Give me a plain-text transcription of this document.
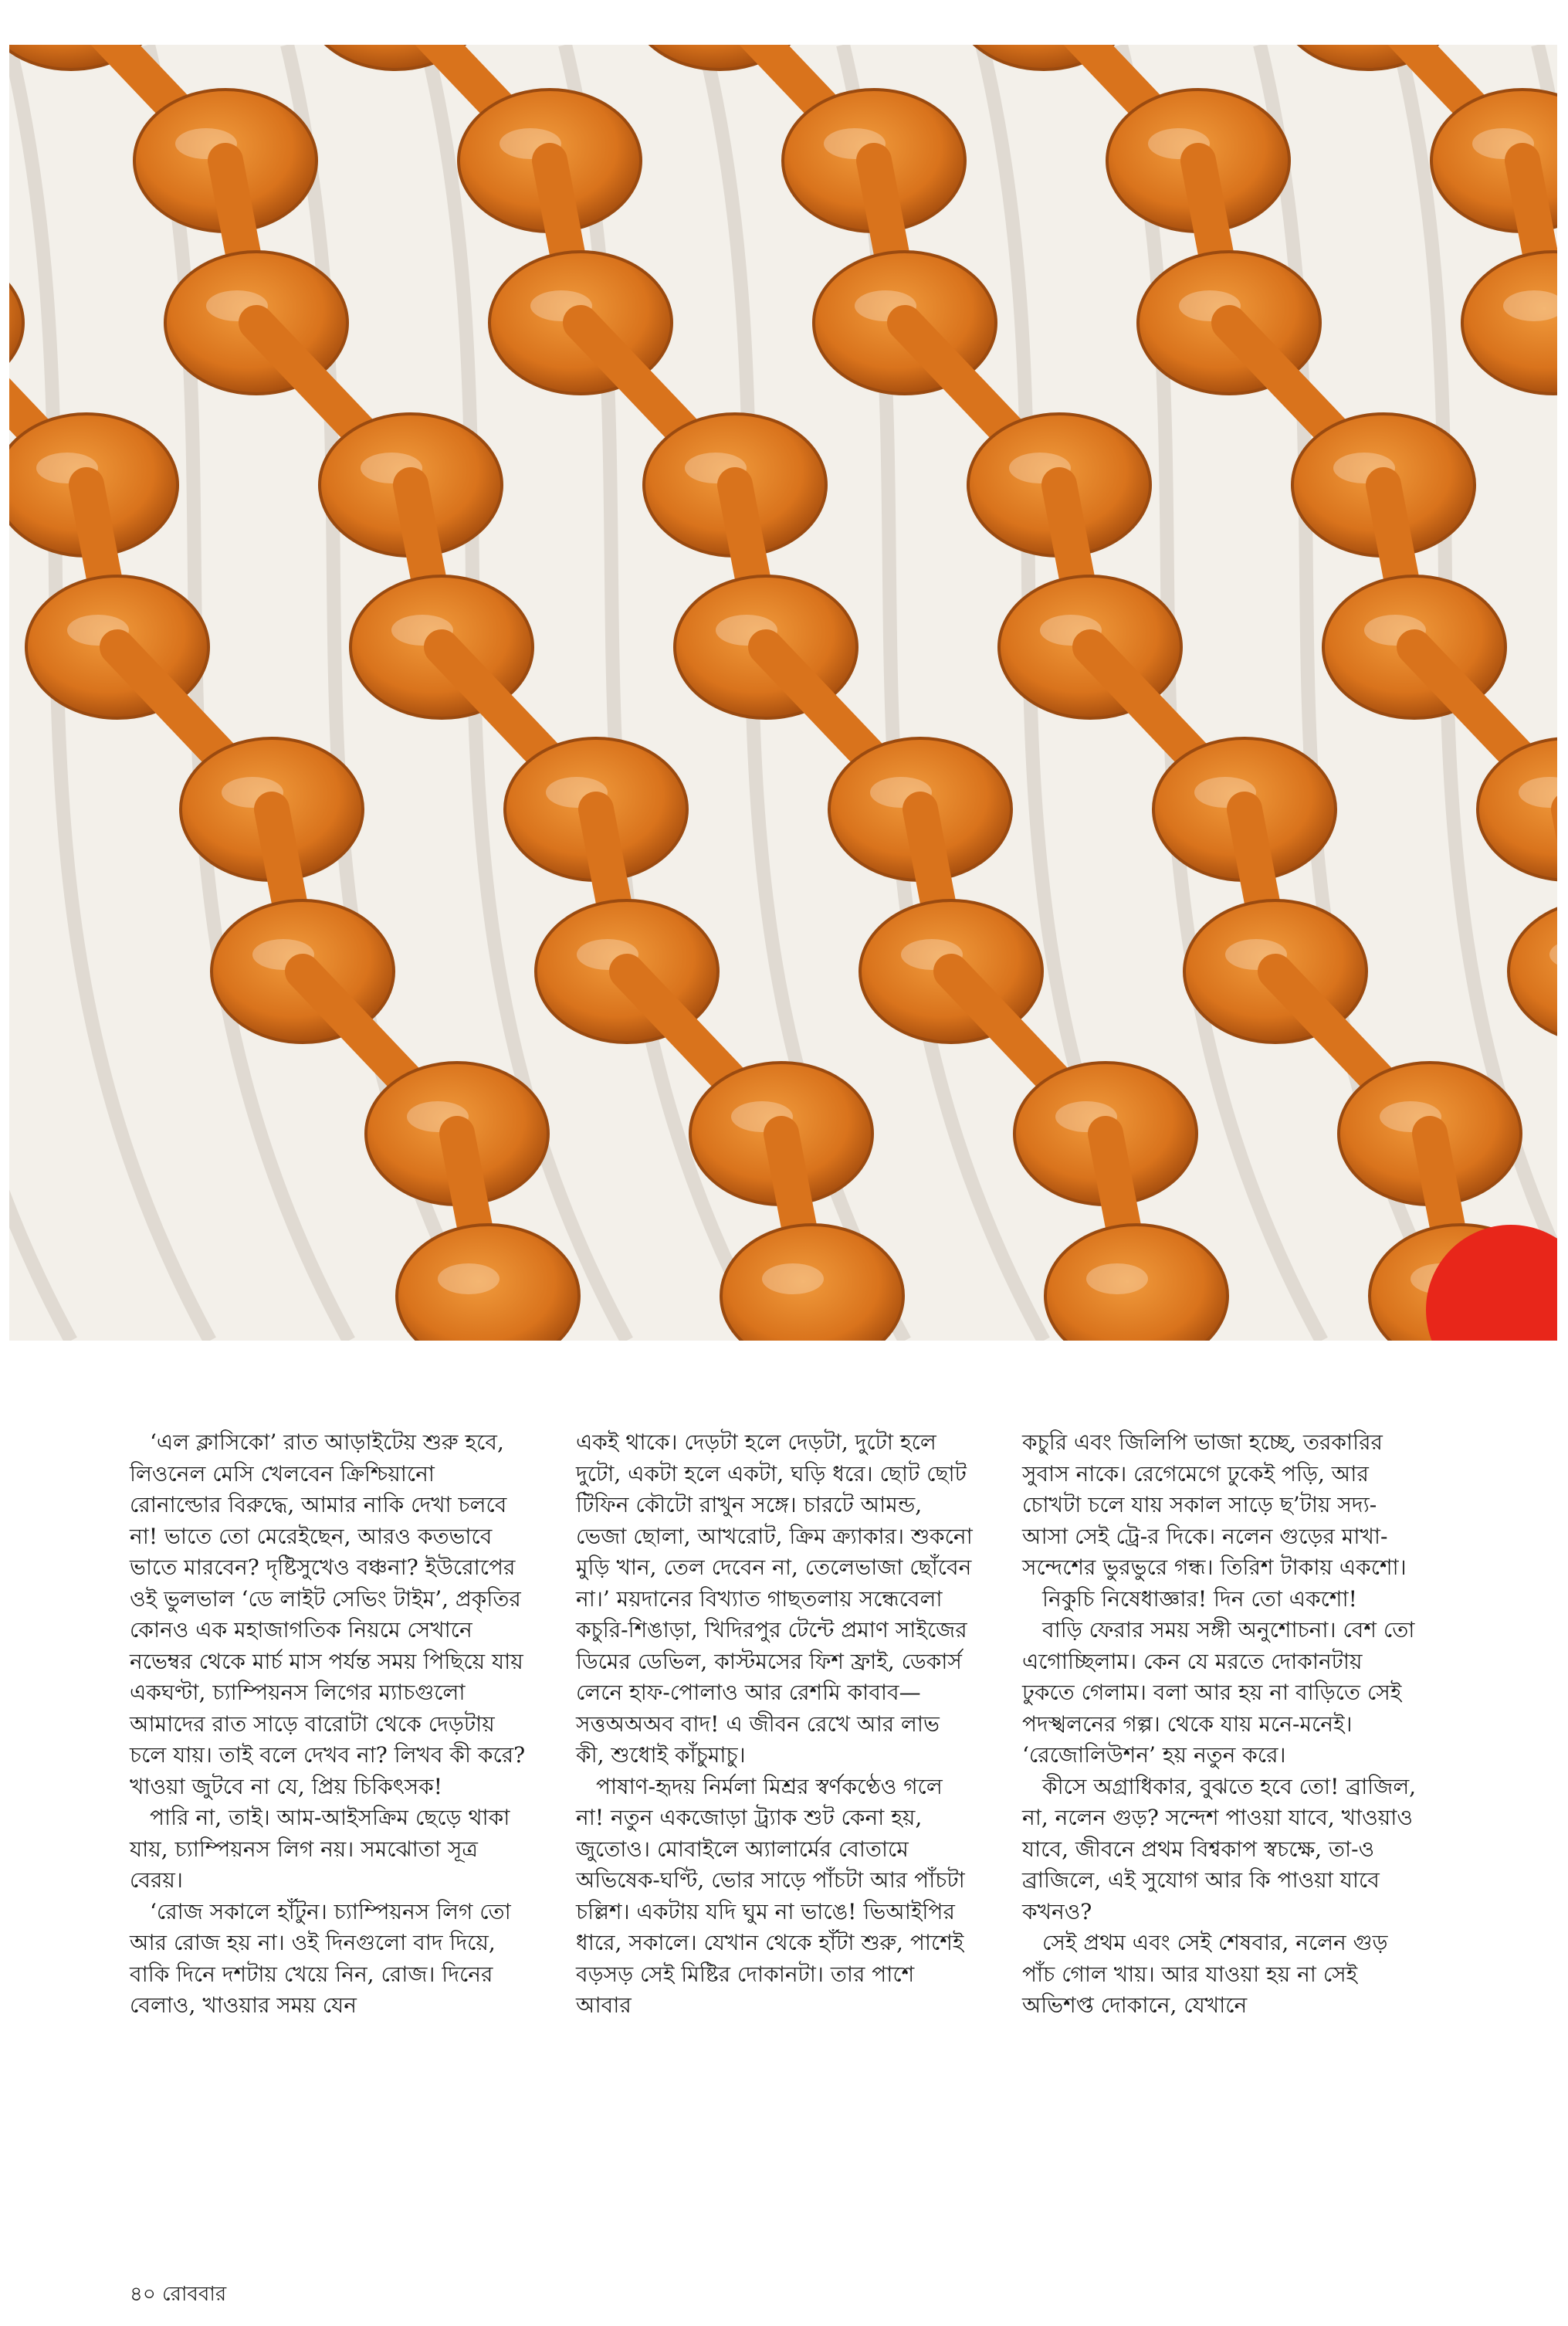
‘এল ক্লাসিকো’ রাত আড়াইটেয় শুরু হবে, লিওনেল মেসি খেলবেন ক্রিশ্চিয়ানো রোনাল্ডোর বিরুদ্ধে, আমার নাকি দেখা চলবে না! ভাতে তো মেরেইছেন, আরও কতভাবে ভাতে মারবেন? দৃষ্টিসুখেও বঞ্চনা? ইউরোপের ওই ভুলভাল ‘ডে লাইট সেভিং টাইম’, প্রকৃতির কোনও এক মহাজাগতিক নিয়মে সেখানে নভেম্বর থেকে মার্চ মাস পর্যন্ত সময় পিছিয়ে যায় একঘণ্টা, চ্যাম্পিয়নস লিগের ম্যাচগুলো আমাদের রাত সাড়ে বারোটা থেকে দেড়টায় চলে যায়। তাই বলে দেখব না? লিখব কী করে? খাওয়া জুটবে না যে, প্রিয় চিকিৎসক!

পারি না, তাই। আম-আইসক্রিম ছেড়ে থাকা যায়, চ্যাম্পিয়নস লিগ নয়। সমঝোতা সূত্র বেরয়।

‘রোজ সকালে হাঁটুন। চ্যাম্পিয়নস লিগ তো আর রোজ হয় না। ওই দিনগুলো বাদ দিয়ে, বাকি দিনে দশটায় খেয়ে নিন, রোজ। দিনের বেলাও, খাওয়ার সময় যেন

একই থাকে। দেড়টা হলে দেড়টা, দুটো হলে দুটো, একটা হলে একটা, ঘড়ি ধরে। ছোট ছোট টিফিন কৌটো রাখুন সঙ্গে। চারটে আমন্ড, ভেজা ছোলা, আখরোট, ক্রিম ক্র্যাকার। শুকনো মুড়ি খান, তেল দেবেন না, তেলেভাজা ছোঁবেন না।’ ময়দানের বিখ্যাত গাছতলায় সন্ধেবেলা কচুরি-শিঙাড়া, খিদিরপুর টেন্টে প্রমাণ সাইজের ডিমের ডেভিল, কাস্টমসের ফিশ ফ্রাই, ডেকার্স লেনে হাফ-পোলাও আর রেশমি কাবাব— সত্তঅঅঅব বাদ! এ জীবন রেখে আর লাভ কী, শুধোই কাঁচুমাচু।

পাষাণ-হৃদয় নির্মলা মিশ্রর স্বর্ণকণ্ঠেও গলে না! নতুন একজোড়া ট্র্যাক শুট কেনা হয়, জুতোও। মোবাইলে অ্যালার্মের বোতামে অভিষেক-ঘণ্টি, ভোর সাড়ে পাঁচটা আর পাঁচটা চল্লিশ। একটায় যদি ঘুম না ভাঙে! ভিআইপির ধারে, সকালে। যেখান থেকে হাঁটা শুরু, পাশেই বড়সড় সেই মিষ্টির দোকানটা। তার পাশে আবার

কচুরি এবং জিলিপি ভাজা হচ্ছে, তরকারির সুবাস নাকে। রেগেমেগে ঢুকেই পড়ি, আর চোখটা চলে যায় সকাল সাড়ে ছ’টায় সদ্য-আসা সেই ট্রে-র দিকে। নলেন গুড়ের মাখা-সন্দেশের ভুরভুরে গন্ধ। তিরিশ টাকায় একশো।

নিকুচি নিষেধাজ্ঞার! দিন তো একশো!

বাড়ি ফেরার সময় সঙ্গী অনুশোচনা। বেশ তো এগোচ্ছিলাম। কেন যে মরতে দোকানটায় ঢুকতে গেলাম। বলা আর হয় না বাড়িতে সেই পদস্খলনের গল্প। থেকে যায় মনে-মনেই। ‘রেজোলিউশন’ হয় নতুন করে।

কীসে অগ্রাধিকার, বুঝতে হবে তো! ব্রাজিল, না, নলেন গুড়? সন্দেশ পাওয়া যাবে, খাওয়াও যাবে, জীবনে প্রথম বিশ্বকাপ স্বচক্ষে, তা-ও ব্রাজিলে, এই সুযোগ আর কি পাওয়া যাবে কখনও?

সেই প্রথম এবং সেই শেষবার, নলেন গুড় পাঁচ গোল খায়। আর যাওয়া হয় না সেই অভিশপ্ত দোকানে, যেখানে

৪০ রোববার
